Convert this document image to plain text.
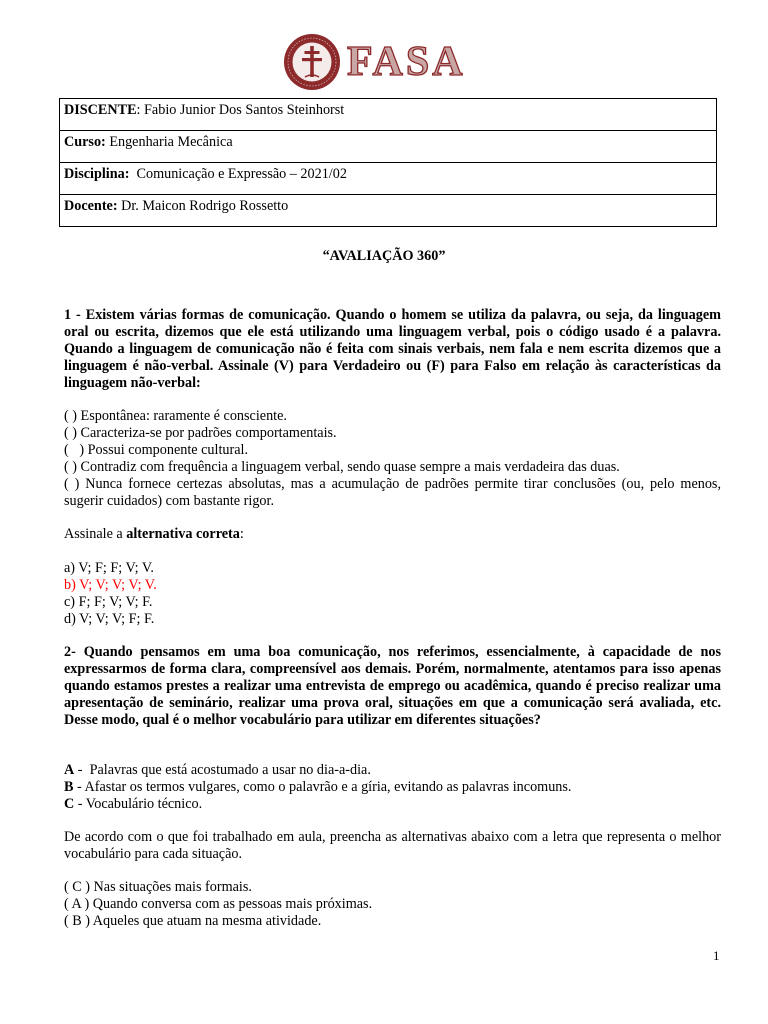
FASA
DISCENTE: Fabio Junior Dos Santos Steinhorst
Curso: Engenharia Mecânica
Disciplina:  Comunicação e Expressão – 2021/02
Docente: Dr. Maicon Rodrigo Rossetto
“AVALIAÇÃO 360”
1 - Existem várias formas de comunicação. Quando o homem se utiliza da palavra, ou seja, da linguagem oral ou escrita, dizemos que ele está utilizando uma linguagem verbal, pois o código usado é a palavra. Quando a linguagem de comunicação não é feita com sinais verbais, nem fala e nem escrita dizemos que a linguagem é não-verbal. Assinale (V) para Verdadeiro ou (F) para Falso em relação às características da linguagem não-verbal:
( ) Espontânea: raramente é consciente.
( ) Caracteriza-se por padrões comportamentais.
(   ) Possui componente cultural.
( ) Contradiz com frequência a linguagem verbal, sendo quase sempre a mais verdadeira das duas.
( ) Nunca fornece certezas absolutas, mas a acumulação de padrões permite tirar conclusões (ou, pelo menos, sugerir cuidados) com bastante rigor.
Assinale a alternativa correta:
a) V; F; F; V; V.
b) V; V; V; V; V.
c) F; F; V; V; F.
d) V; V; V; F; F.
2- Quando pensamos em uma boa comunicação, nos referimos, essencialmente, à capacidade de nos expressarmos de forma clara, compreensível aos demais. Porém, normalmente, atentamos para isso apenas quando estamos prestes a realizar uma entrevista de emprego ou acadêmica, quando é preciso realizar uma apresentação de seminário, realizar uma prova oral, situações em que a comunicação será avaliada, etc. Desse modo, qual é o melhor vocabulário para utilizar em diferentes situações?
A -  Palavras que está acostumado a usar no dia-a-dia.
B - Afastar os termos vulgares, como o palavrão e a gíria, evitando as palavras incomuns.
C - Vocabulário técnico.
De acordo com o que foi trabalhado em aula, preencha as alternativas abaixo com a letra que representa o melhor vocabulário para cada situação.
( C ) Nas situações mais formais.
( A ) Quando conversa com as pessoas mais próximas.
( B ) Aqueles que atuam na mesma atividade.
1
